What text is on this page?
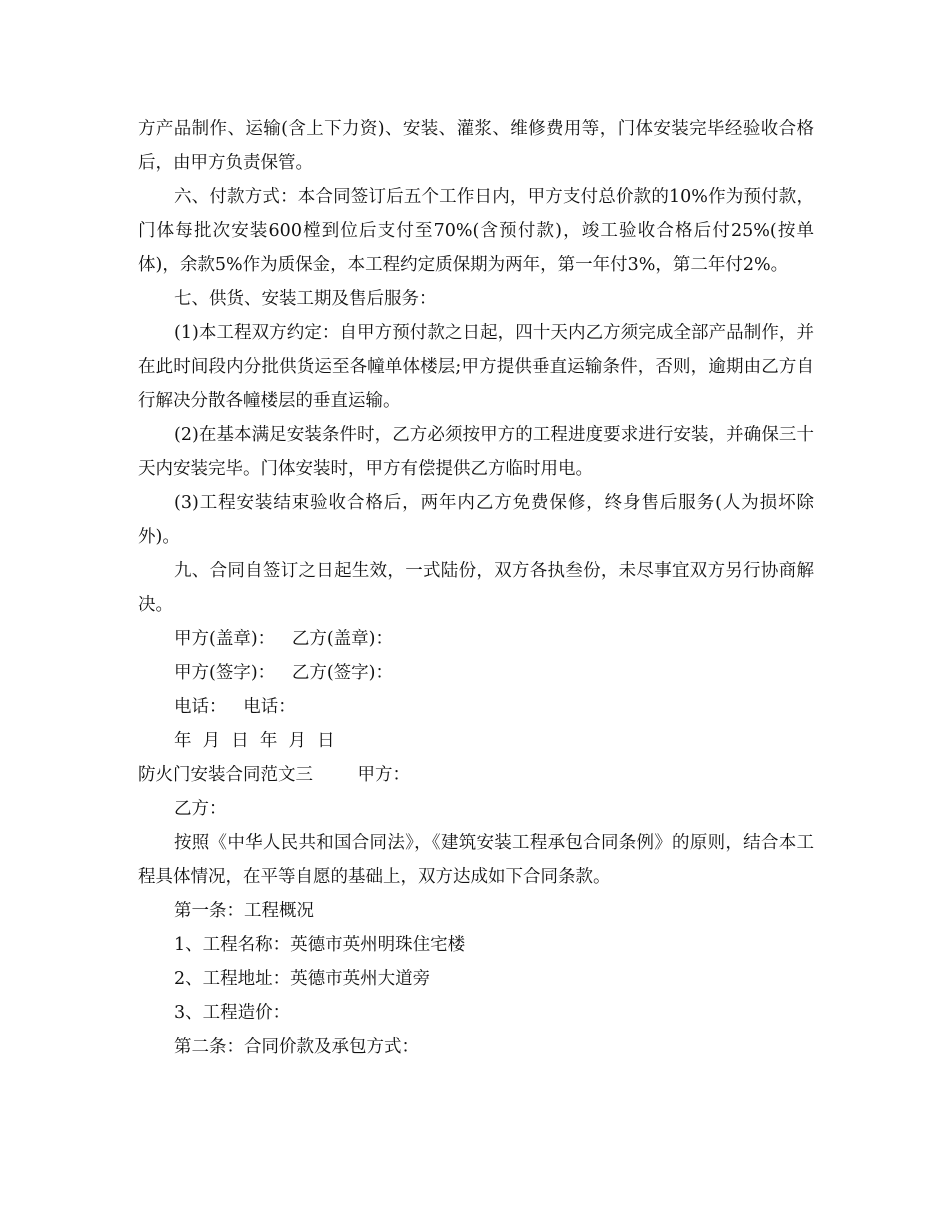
方产品制作、运输(含上下力资)、安装、灌浆、维修费用等，门体安装完毕经验收合格后，由甲方负责保管。

六、付款方式：本合同签订后五个工作日内，甲方支付总价款的10%作为预付款，门体每批次安装600樘到位后支付至70%(含预付款)，竣工验收合格后付25%(按单体)，余款5%作为质保金，本工程约定质保期为两年，第一年付3%，第二年付2%。

七、供货、安装工期及售后服务：

(1)本工程双方约定：自甲方预付款之日起，四十天内乙方须完成全部产品制作，并在此时间段内分批供货运至各幢单体楼层;甲方提供垂直运输条件，否则，逾期由乙方自行解决分散各幢楼层的垂直运输。

(2)在基本满足安装条件时，乙方必须按甲方的工程进度要求进行安装，并确保三十天内安装完毕。门体安装时，甲方有偿提供乙方临时用电。

(3)工程安装结束验收合格后，两年内乙方免费保修，终身售后服务(人为损坏除外)。

九、合同自签订之日起生效，一式陆份，双方各执叁份，未尽事宜双方另行协商解决。

甲方(盖章)：   乙方(盖章)：

甲方(签字)：   乙方(签字)：

电话：   电话：

年  月  日  年  月  日

防火门安装合同范文三        甲方：

乙方：

按照《中华人民共和国合同法》，《建筑安装工程承包合同条例》的原则，结合本工程具体情况，在平等自愿的基础上，双方达成如下合同条款。

第一条：工程概况

1、工程名称：英德市英州明珠住宅楼

2、工程地址：英德市英州大道旁

3、工程造价：

第二条：合同价款及承包方式：
